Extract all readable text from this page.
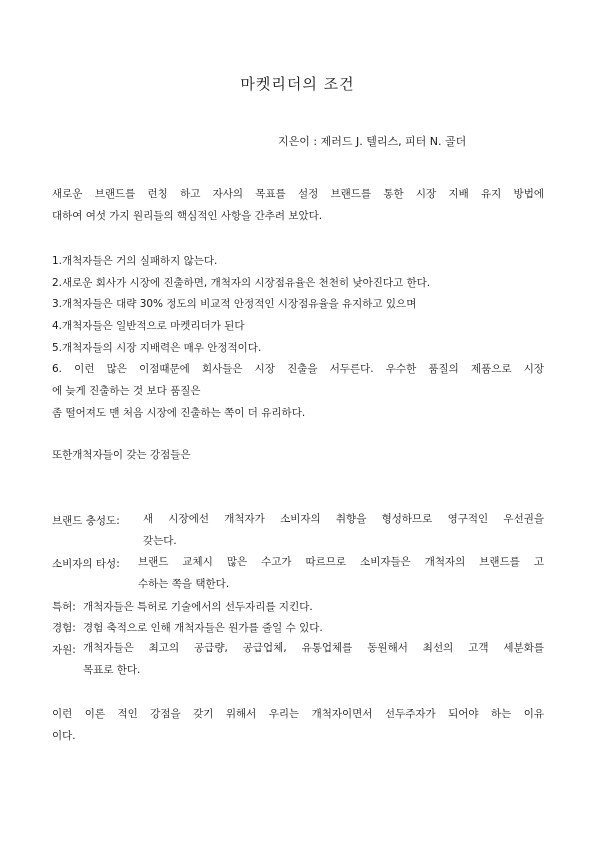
마켓리더의 조건
지은이 : 제러드 J. 텔리스, 피터 N. 골더
새로운 브랜드를 런칭 하고 자사의 목표를 설정 브랜드를 통한 시장 지배 유지 방법에
대하여 여섯 가지 원리들의 핵심적인 사항을 간추려 보았다.
1.개척자들은 거의 실패하지 않는다.
2.새로운 회사가 시장에 진출하면, 개척자의 시장점유율은 천천히 낮아진다고 한다.
3.개척자들은 대략 30% 정도의 비교적 안정적인 시장점유율을 유지하고 있으며
4.개척자들은 일반적으로 마켓리더가 된다
5.개척자들의 시장 지배력은 매우 안정적이다.
6. 이런 많은 이점때문에 회사들은 시장 진출을 서두른다. 우수한 품질의 제품으로 시장
에 늦게 진출하는 것 보다 품질은
좀 떨어져도 맨 처음 시장에 진출하는 쪽이 더 유리하다.
또한개척자들이 갖는 강점들은
브랜드 충성도: 새 시장에선 개척자가 소비자의 취향을 형성하므로 영구적인 우선권을
갖는다.
소비자의 타성: 브랜드 교체시 많은 수고가 따르므로 소비자들은 개척자의 브랜드를 고
수하는 쪽을 택한다.
특허: 개척자들은 특허로 기술에서의 선두자리를 지킨다.
경험: 경험 축적으로 인해 개척자들은 원가를 줄일 수 있다.
자원: 개척자들은 최고의 공급량, 공급업체, 유통업체를 동원해서 최선의 고객 세분화를
목표로 한다.
이런 이론 적인 강점을 갖기 위해서 우리는 개척자이면서 선두주자가 되어야 하는 이유
이다.
